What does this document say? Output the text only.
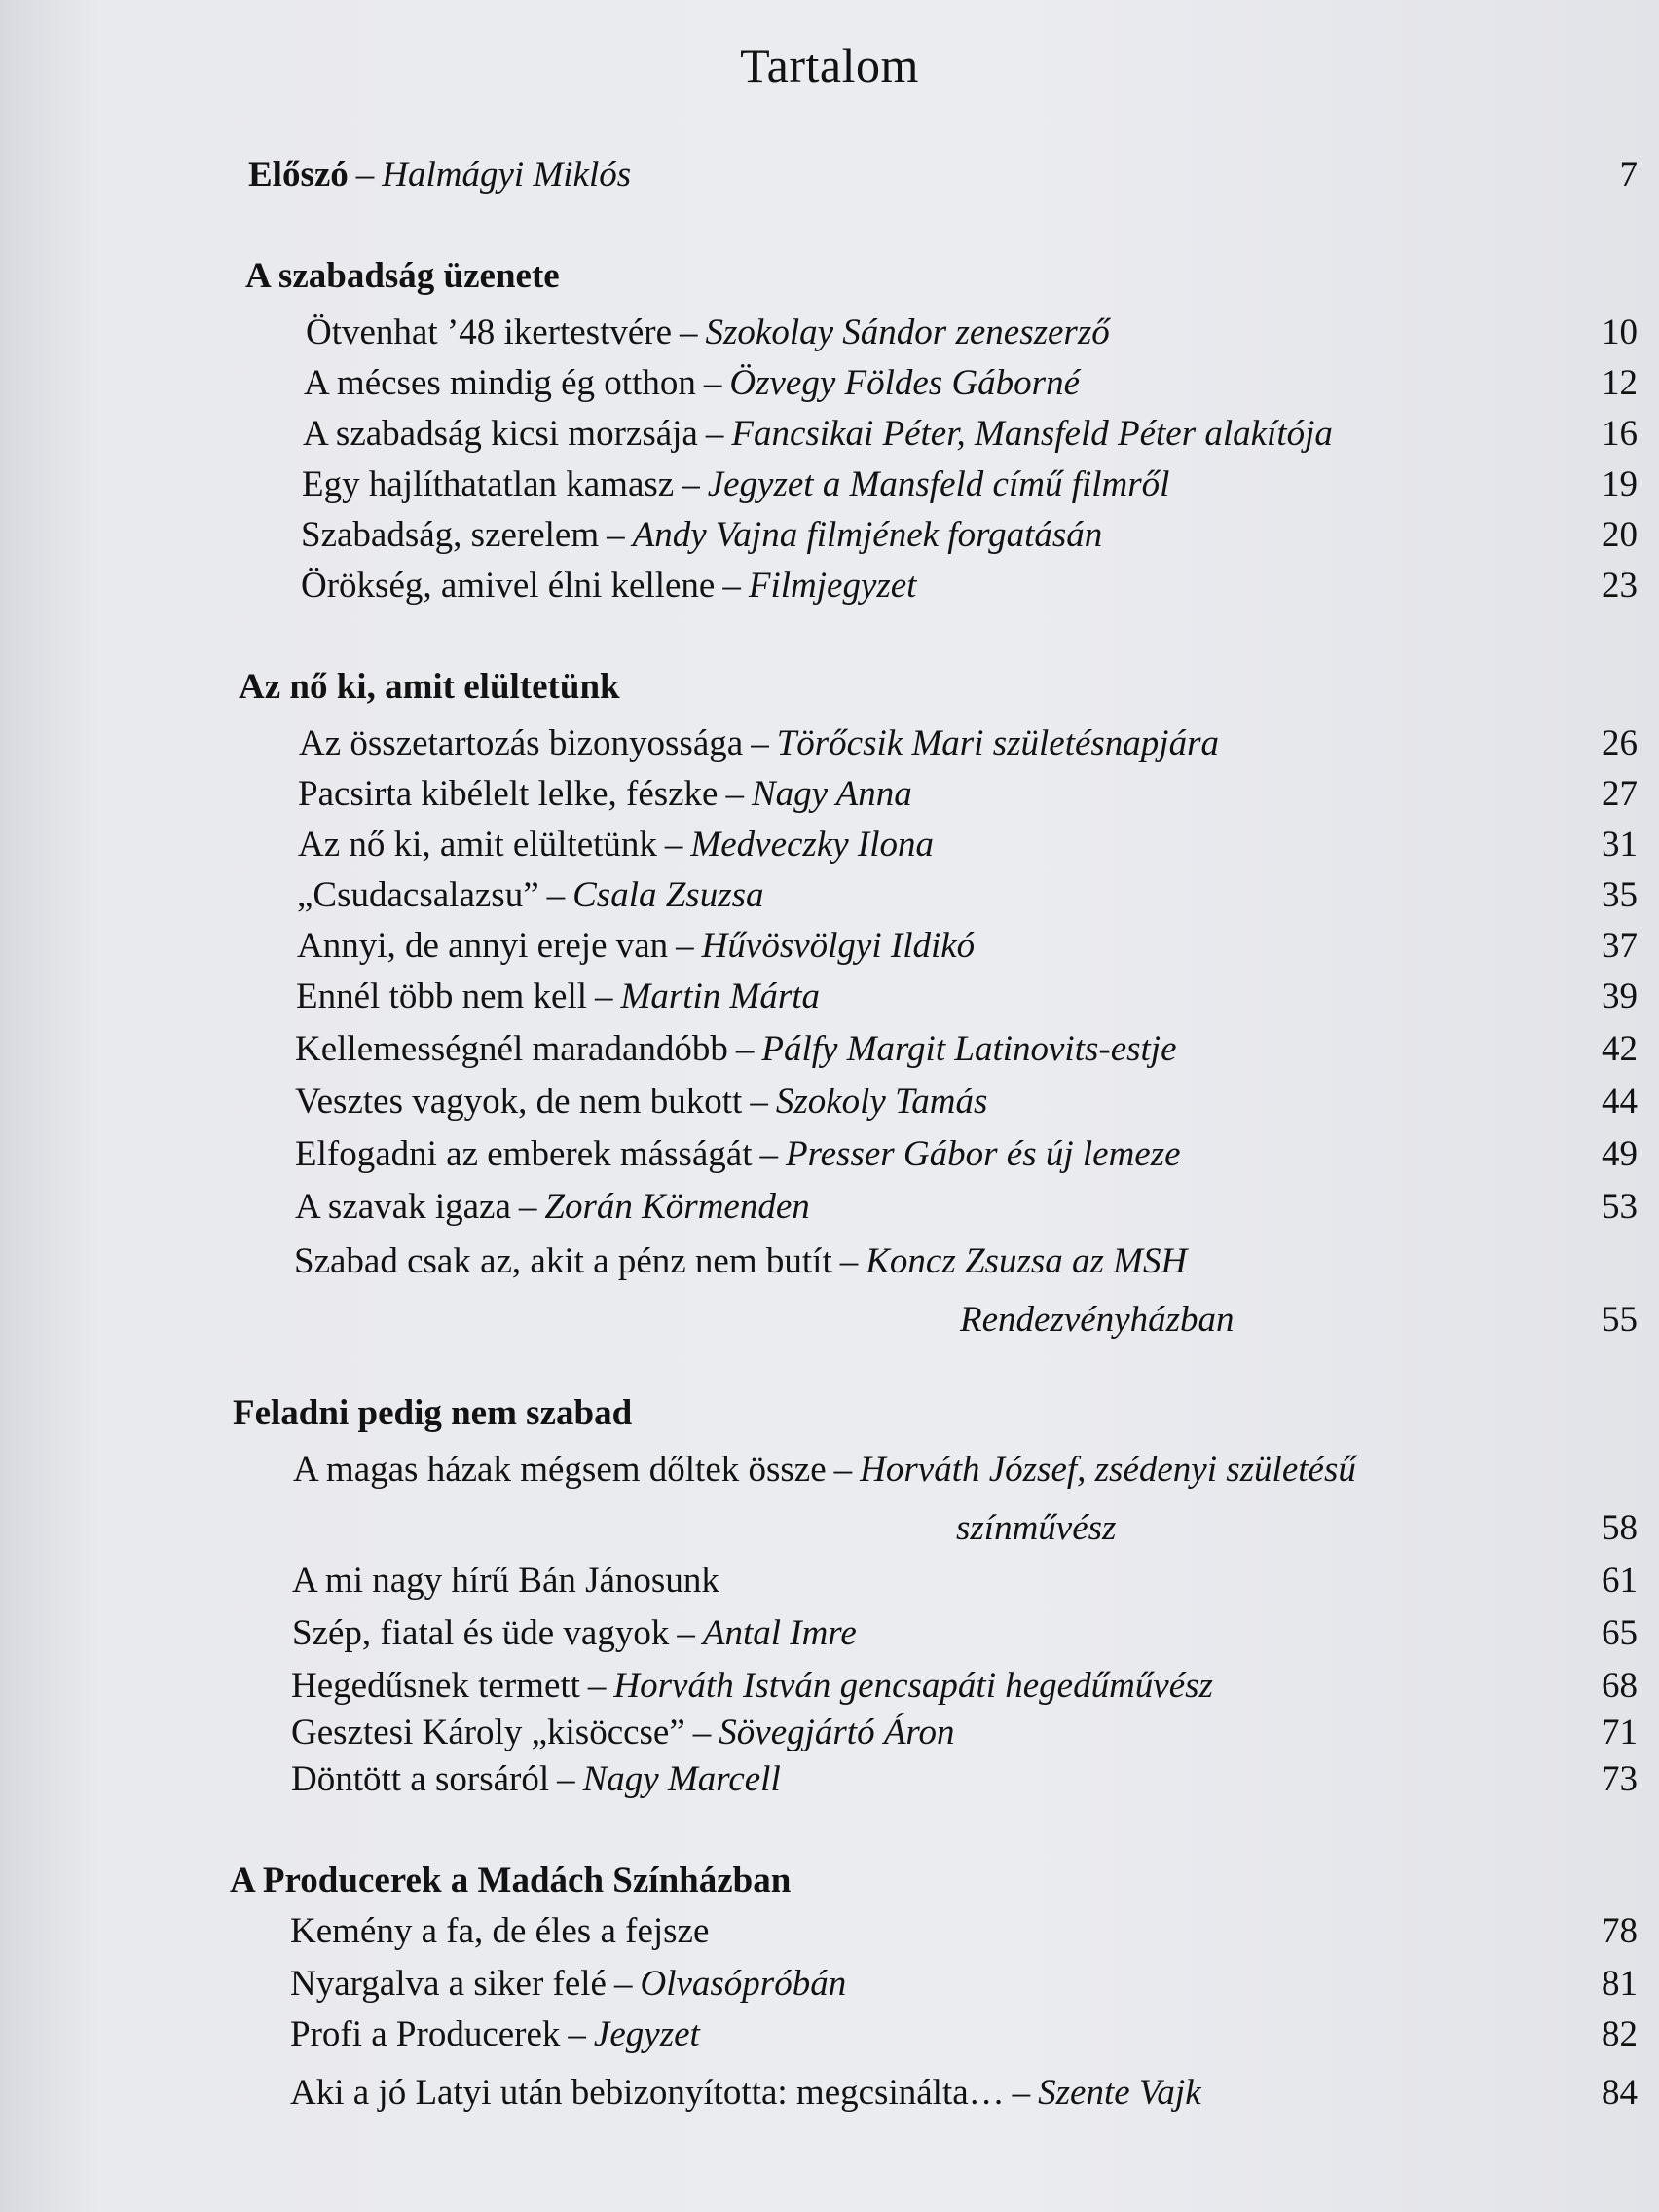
Tartalom
Előszó – Halmágyi Miklós	7
A szabadság üzenete
Ötvenhat ’48 ikertestvére – Szokolay Sándor zeneszerző	10
A mécses mindig ég otthon – Özvegy Földes Gáborné	12
A szabadság kicsi morzsája – Fancsikai Péter, Mansfeld Péter alakítója	16
Egy hajlíthatatlan kamasz – Jegyzet a Mansfeld című filmről	19
Szabadság, szerelem – Andy Vajna filmjének forgatásán	20
Örökség, amivel élni kellene – Filmjegyzet	23
Az nő ki, amit elültetünk
Az összetartozás bizonyossága – Törőcsik Mari születésnapjára	26
Pacsirta kibélelt lelke, fészke – Nagy Anna	27
Az nő ki, amit elültetünk – Medveczky Ilona	31
„Csudacsalazsu” – Csala Zsuzsa	35
Annyi, de annyi ereje van – Hűvösvölgyi Ildikó	37
Ennél több nem kell – Martin Márta	39
Kellemességnél maradandóbb – Pálfy Margit Latinovits-estje	42
Vesztes vagyok, de nem bukott – Szokoly Tamás	44
Elfogadni az emberek másságát – Presser Gábor és új lemeze	49
A szavak igaza – Zorán Körmenden	53
Szabad csak az, akit a pénz nem butít – Koncz Zsuzsa az MSH
Rendezvényházban	55
Feladni pedig nem szabad
A magas házak mégsem dőltek össze – Horváth József, zsédenyi születésű
színművész	58
A mi nagy hírű Bán Jánosunk	61
Szép, fiatal és üde vagyok – Antal Imre	65
Hegedűsnek termett – Horváth István gencsapáti hegedűművész	68
Gesztesi Károly „kisöccse” – Sövegjártó Áron	71
Döntött a sorsáról – Nagy Marcell	73
A Producerek a Madách Színházban
Kemény a fa, de éles a fejsze	78
Nyargalva a siker felé – Olvasópróbán	81
Profi a Producerek – Jegyzet	82
Aki a jó Latyi után bebizonyította: megcsinálta… – Szente Vajk	84
